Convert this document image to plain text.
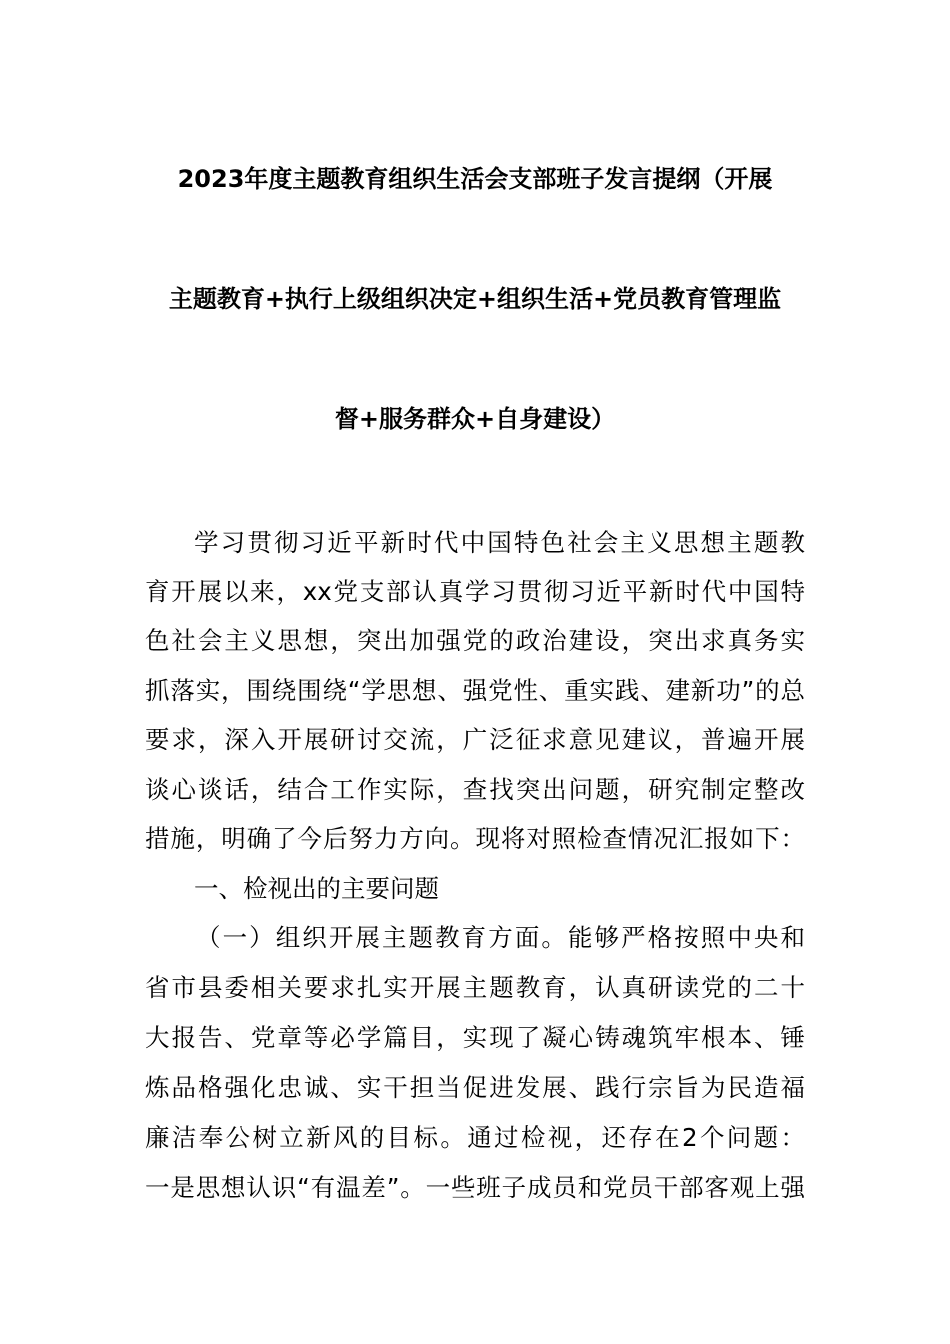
2023年度主题教育组织生活会支部班子发言提纲（开展
主题教育+执行上级组织决定+组织生活+党员教育管理监
督+服务群众+自身建设）
学习贯彻习近平新时代中国特色社会主义思想主题教
育开展以来，xx党支部认真学习贯彻习近平新时代中国特
色社会主义思想，突出加强党的政治建设，突出求真务实
抓落实，围绕围绕“学思想、强党性、重实践、建新功”的总
要求，深入开展研讨交流，广泛征求意见建议，普遍开展
谈心谈话，结合工作实际，查找突出问题，研究制定整改
措施，明确了今后努力方向。现将对照检查情况汇报如下：
一、检视出的主要问题
（一）组织开展主题教育方面。能够严格按照中央和
省市县委相关要求扎实开展主题教育，认真研读党的二十
大报告、党章等必学篇目，实现了凝心铸魂筑牢根本、锤
炼品格强化忠诚、实干担当促进发展、践行宗旨为民造福
廉洁奉公树立新风的目标。通过检视，还存在2个问题：
一是思想认识“有温差”。一些班子成员和党员干部客观上强
